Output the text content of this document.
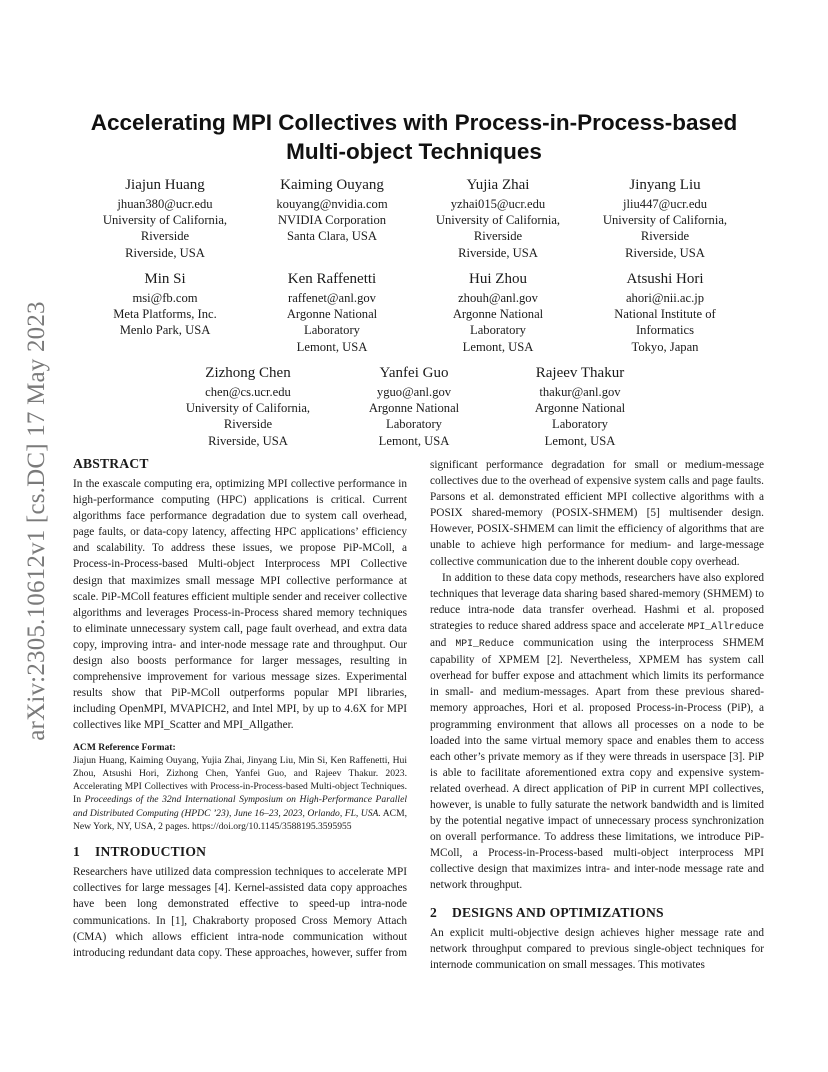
arXiv:2305.10612v1 [cs.DC] 17 May 2023
Accelerating MPI Collectives with Process-in-Process-based
Multi-object Techniques
Jiajun Huang
jhuan380@ucr.edu
University of California,
Riverside
Riverside, USA
Kaiming Ouyang
kouyang@nvidia.com
NVIDIA Corporation
Santa Clara, USA
Yujia Zhai
yzhai015@ucr.edu
University of California,
Riverside
Riverside, USA
Jinyang Liu
jliu447@ucr.edu
University of California,
Riverside
Riverside, USA
Min Si
msi@fb.com
Meta Platforms, Inc.
Menlo Park, USA
Ken Raffenetti
raffenet@anl.gov
Argonne National
Laboratory
Lemont, USA
Hui Zhou
zhouh@anl.gov
Argonne National
Laboratory
Lemont, USA
Atsushi Hori
ahori@nii.ac.jp
National Institute of
Informatics
Tokyo, Japan
Zizhong Chen
chen@cs.ucr.edu
University of California,
Riverside
Riverside, USA
Yanfei Guo
yguo@anl.gov
Argonne National
Laboratory
Lemont, USA
Rajeev Thakur
thakur@anl.gov
Argonne National
Laboratory
Lemont, USA
ABSTRACT

In the exascale computing era, optimizing MPI collective performance in high-performance computing (HPC) applications is critical. Current algorithms face performance degradation due to system call overhead, page faults, or data-copy latency, affecting HPC applications’ efficiency and scalability. To address these issues, we propose PiP-MColl, a Process-in-Process-based Multi-object Interprocess MPI Collective design that maximizes small message MPI collective performance at scale. PiP-MColl features efficient multiple sender and receiver collective algorithms and leverages Process-in-Process shared memory techniques to eliminate unnecessary system call, page fault overhead, and extra data copy, improving intra- and inter-node message rate and throughput. Our design also boosts performance for larger messages, resulting in comprehensive improvement for various message sizes. Experimental results show that PiP-MColl outperforms popular MPI libraries, including OpenMPI, MVAPICH2, and Intel MPI, by up to 4.6X for MPI collectives like MPI_Scatter and MPI_Allgather.

ACM Reference Format:

Jiajun Huang, Kaiming Ouyang, Yujia Zhai, Jinyang Liu, Min Si, Ken Raffenetti, Hui Zhou, Atsushi Hori, Zizhong Chen, Yanfei Guo, and Rajeev Thakur. 2023. Accelerating MPI Collectives with Process-in-Process-based Multi-object Techniques. In Proceedings of the 32nd International Symposium on High-Performance Parallel and Distributed Computing (HPDC ’23), June 16–23, 2023, Orlando, FL, USA. ACM, New York, NY, USA, 2 pages. https://doi.org/10.1145/3588195.3595955

1 INTRODUCTION

Researchers have utilized data compression techniques to accelerate MPI collectives for large messages [4]. Kernel-assisted data copy approaches have been long demonstrated effective to speed-up intra-node communications. In [1], Chakraborty proposed Cross Memory Attach (CMA) which allows efficient intra-node communication without introducing redundant data copy. These approaches, however, suffer from

significant performance degradation for small or medium-message collectives due to the overhead of expensive system calls and page faults. Parsons et al. demonstrated efficient MPI collective algorithms with a POSIX shared-memory (POSIX-SHMEM) [5] multisender design. However, POSIX-SHMEM can limit the efficiency of algorithms that are unable to achieve high performance for medium- and large-message collective communication due to the inherent double copy overhead.

In addition to these data copy methods, researchers have also explored techniques that leverage data sharing based shared-memory (SHMEM) to reduce intra-node data transfer overhead. Hashmi et al. proposed strategies to reduce shared address space and accelerate MPI_Allreduce and MPI_Reduce communication using the interprocess SHMEM capability of XPMEM [2]. Nevertheless, XPMEM has system call overhead for buffer expose and attachment which limits its performance in small- and medium-messages. Apart from these previous shared-memory approaches, Hori et al. proposed Process-in-Process (PiP), a programming environment that allows all processes on a node to be loaded into the same virtual memory space and enables them to access each other’s private memory as if they were threads in userspace [3]. PiP is able to facilitate aforementioned extra copy and expensive system-related overhead. A direct application of PiP in current MPI collectives, however, is unable to fully saturate the network bandwidth and is limited by the potential negative impact of unnecessary process synchronization on overall performance. To address these limitations, we introduce PiP-MColl, a Process-in-Process-based multi-object interprocess MPI collective design that maximizes intra- and inter-node message rate and network throughput.

2 DESIGNS AND OPTIMIZATIONS

An explicit multi-objective design achieves higher message rate and network throughput compared to previous single-object techniques for internode communication on small messages. This motivates
